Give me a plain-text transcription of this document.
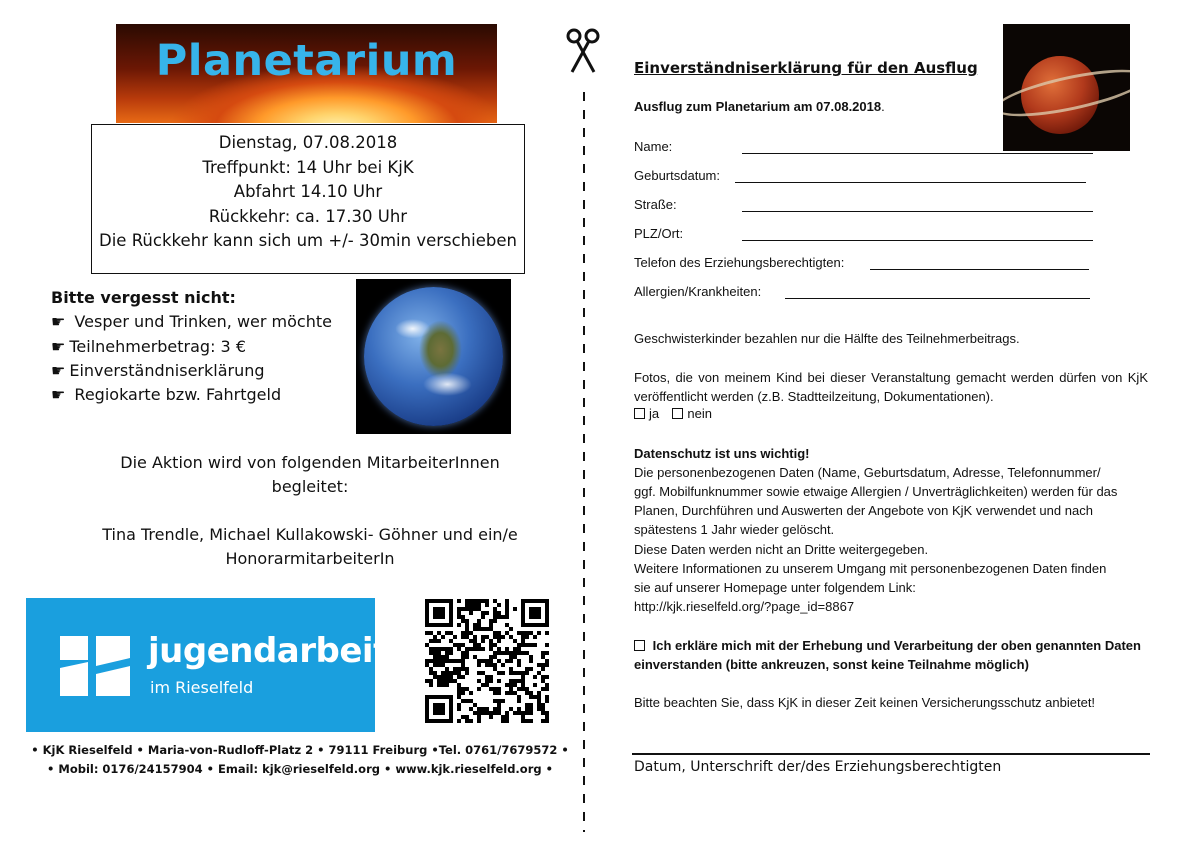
Planetarium
Dienstag, 07.08.2018
Treffpunkt: 14 Uhr bei KjK
Abfahrt 14.10 Uhr
Rückkehr: ca. 17.30 Uhr
Die Rückkehr kann sich um +/- 30min verschieben
Bitte vergesst nicht:
☛ Vesper und Trinken, wer möchte
☛ Teilnehmerbetrag: 3 €
☛ Einverständniserklärung
☛ Regiokarte bzw. Fahrtgeld
Die Aktion wird von folgenden MitarbeiterInnen
begleitet:
Tina Trendle, Michael Kullakowski- Göhner und ein/e
HonorarmitarbeiterIn
jugendarbeit
im Rieselfeld
• KjK Rieselfeld • Maria-von-Rudloff-Platz 2 • 79111 Freiburg •Tel. 0761/7679572 •
• Mobil: 0176/24157904 • Email: kjk@rieselfeld.org • www.kjk.rieselfeld.org •
Einverständniserklärung für den Ausflug
Ausflug zum Planetarium am 07.08.2018.
Name:
Geburtsdatum:
Straße:
PLZ/Ort:
Telefon des Erziehungsberechtigten:
Allergien/Krankheiten:
Geschwisterkinder bezahlen nur die Hälfte des Teilnehmerbeitrags.
Fotos, die von meinem Kind bei dieser Veranstaltung gemacht werden dürfen von KjK veröffentlicht werden (z.B. Stadtteilzeitung, Dokumentationen).
ja nein
Datenschutz ist uns wichtig!
Die personenbezogenen Daten (Name, Geburtsdatum, Adresse, Telefonnummer/ ggf. Mobilfunknummer sowie etwaige Allergien / Unverträglichkeiten) werden für das Planen, Durchführen und Auswerten der Angebote von KjK verwendet und nach spätestens 1 Jahr wieder gelöscht.
Diese Daten werden nicht an Dritte weitergegeben.
Weitere Informationen zu unserem Umgang mit personenbezogenen Daten finden sie auf unserer Homepage unter folgendem Link:
http://kjk.rieselfeld.org/?page_id=8867
Ich erkläre mich mit der Erhebung und Verarbeitung der oben genannten Daten einverstanden (bitte ankreuzen, sonst keine Teilnahme möglich)
Bitte beachten Sie, dass KjK in dieser Zeit keinen Versicherungsschutz anbietet!
Datum, Unterschrift der/des Erziehungsberechtigten
